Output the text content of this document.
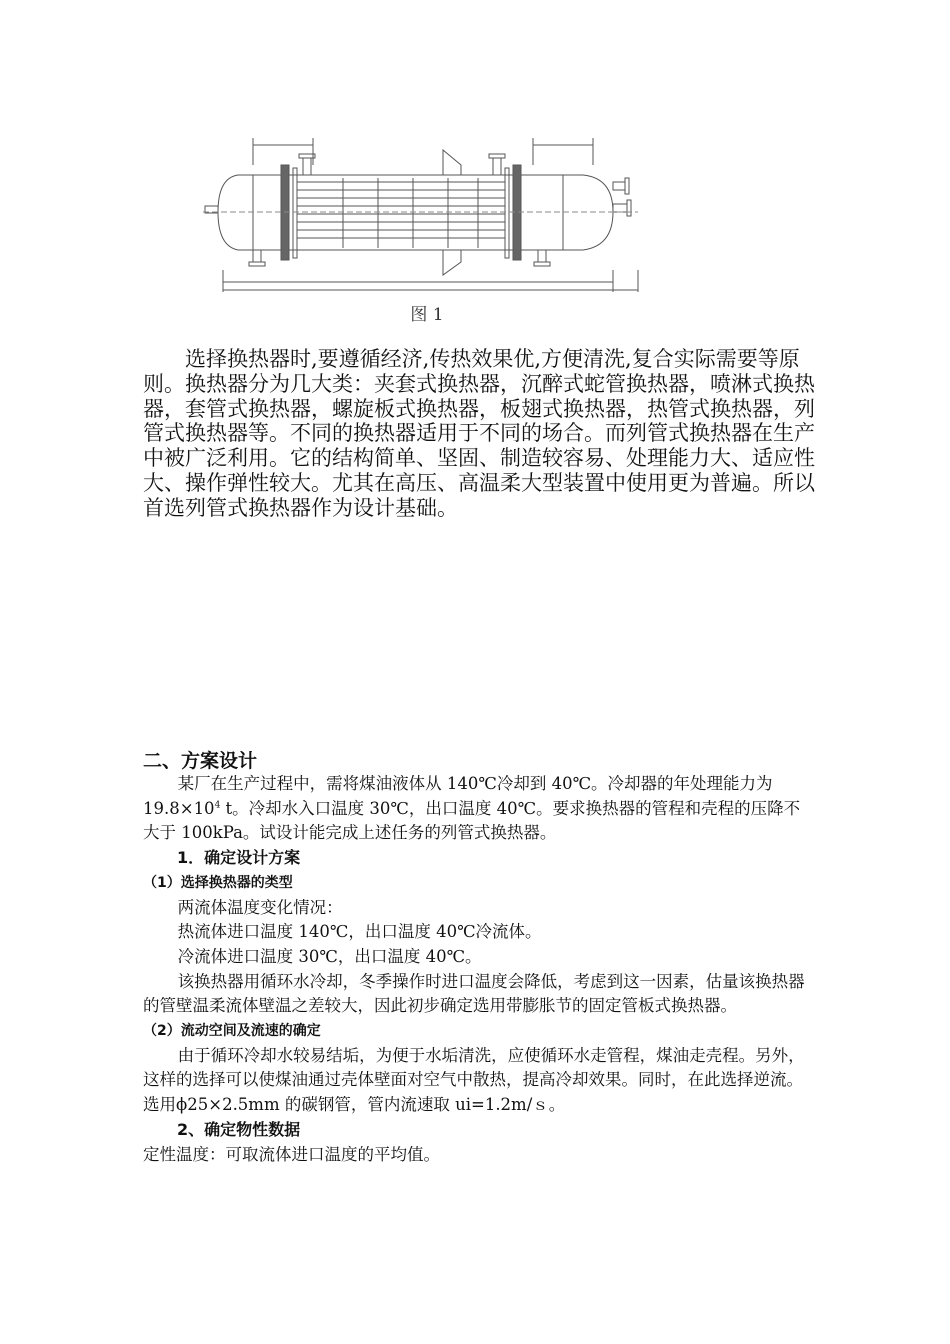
图 1

选择换热器时,要遵循经济,传热效果优,方便清洗,复合实际需要等原则。换热器分为几大类：夹套式换热器，沉醉式蛇管换热器，喷淋式换热器，套管式换热器，螺旋板式换热器，板翅式换热器，热管式换热器，列管式换热器等。不同的换热器适用于不同的场合。而列管式换热器在生产中被广泛利用。它的结构简单、坚固、制造较容易、处理能力大、适应性大、操作弹性较大。尤其在高压、高温柔大型装置中使用更为普遍。所以首选列管式换热器作为设计基础。

二、方案设计

某厂在生产过程中，需将煤油液体从 140℃冷却到 40℃。冷却器的年处理能力为 $19.8\times 10^4$ t。冷却水入口温度 30℃，出口温度 40℃。要求换热器的管程和壳程的压降不大于 100kPa。试设计能完成上述任务的列管式换热器。

1．确定设计方案

（1）选择换热器的类型

两流体温度变化情况：

热流体进口温度 140℃，出口温度 40℃冷流体。

冷流体进口温度 30℃，出口温度 40℃。

该换热器用循环水冷却，冬季操作时进口温度会降低，考虑到这一因素，估量该换热器的管壁温柔流体壁温之差较大，因此初步确定选用带膨胀节的固定管板式换热器。

（2）流动空间及流速的确定

由于循环冷却水较易结垢，为便于水垢清洗，应使循环水走管程，煤油走壳程。另外，这样的选择可以使煤油通过壳体壁面对空气中散热，提高冷却效果。同时，在此选择逆流。选用ϕ25×2.5mm 的碳钢管，管内流速取 ui=1.2m/ｓ。

2、确定物性数据

定性温度：可取流体进口温度的平均值。
